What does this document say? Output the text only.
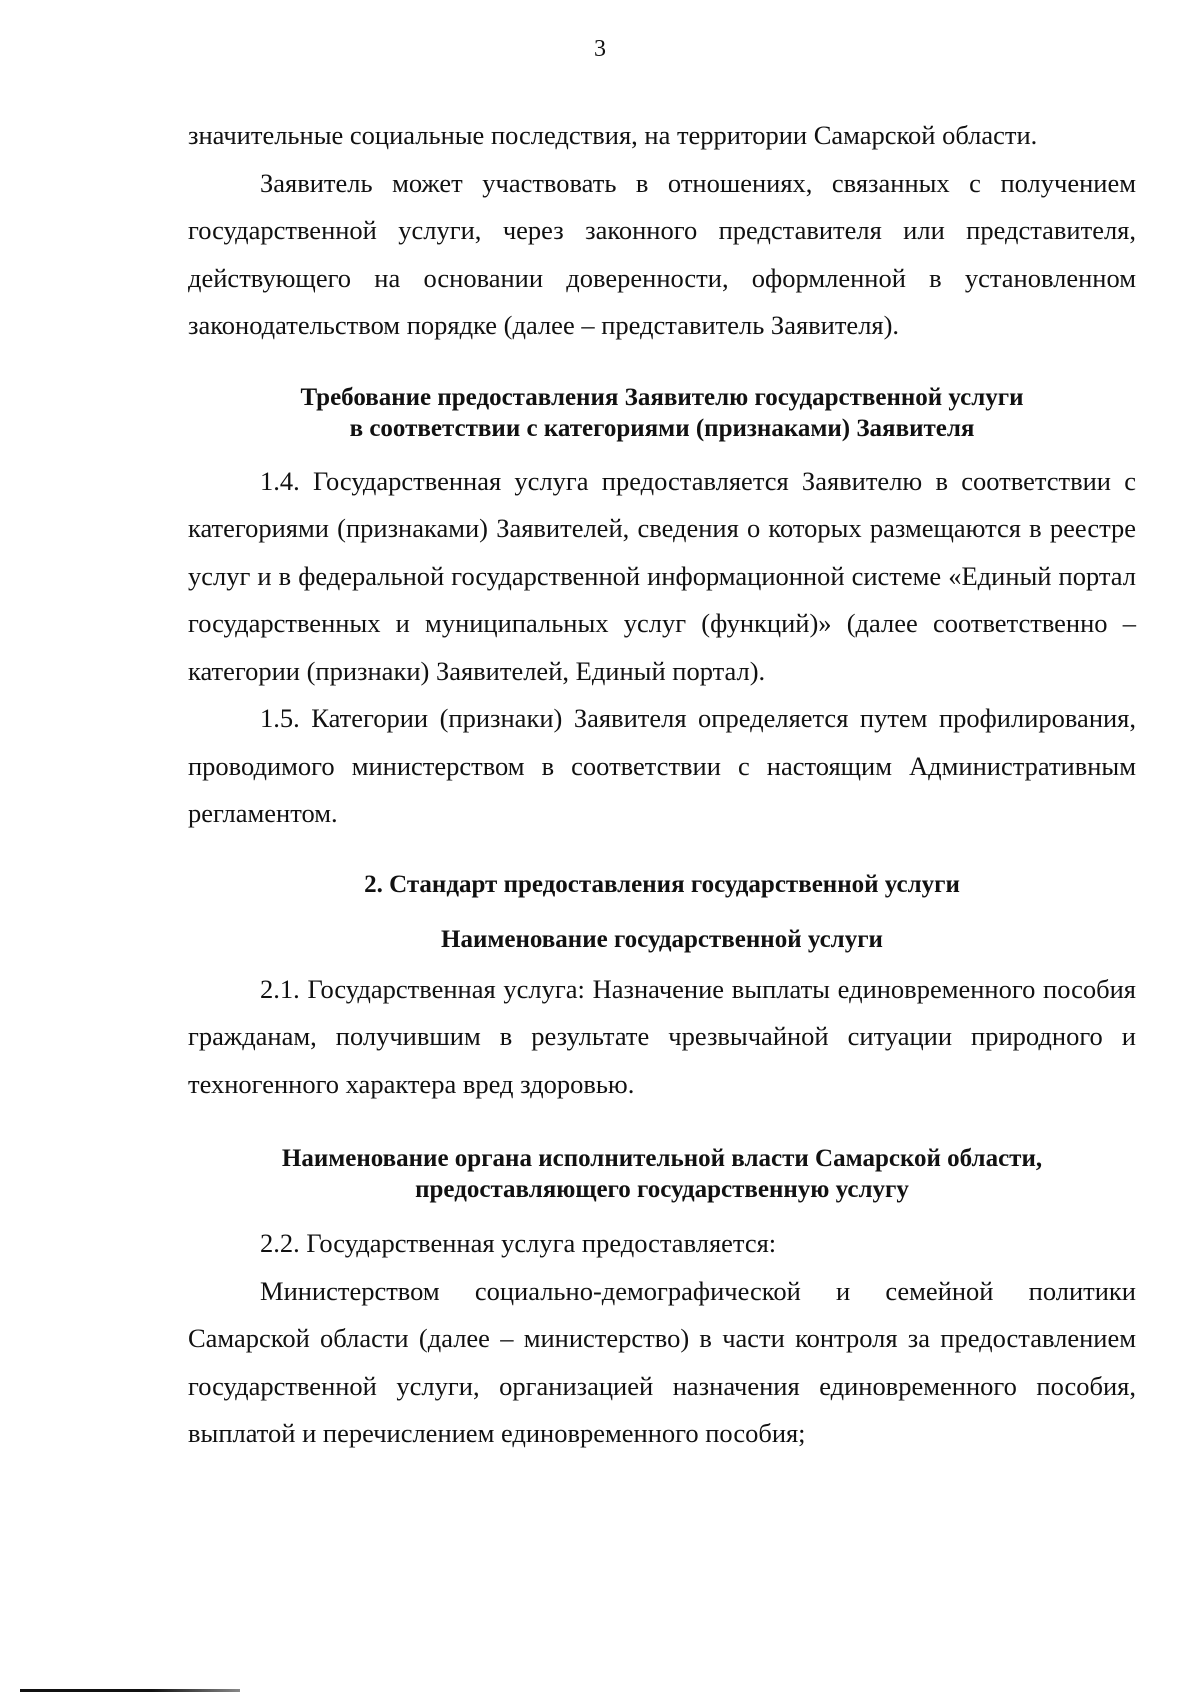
3

значительные социальные последствия, на территории Самарской области.

Заявитель может участвовать в отношениях, связанных с получением государственной услуги, через законного представителя или представителя, действующего на основании доверенности, оформленной в установленном законодательством порядке (далее – представитель Заявителя).

Требование предоставления Заявителю государственной услуги
в соответствии с категориями (признаками) Заявителя

1.4. Государственная услуга предоставляется Заявителю в соответствии с категориями (признаками) Заявителей, сведения о которых размещаются в реестре услуг и в федеральной государственной информационной системе «Единый портал государственных и муниципальных услуг (функций)» (далее соответственно – категории (признаки) Заявителей, Единый портал).

1.5. Категории (признаки) Заявителя определяется путем профилирования, проводимого министерством в соответствии с настоящим Административным регламентом.

2. Стандарт предоставления государственной услуги
Наименование государственной услуги

2.1. Государственная услуга: Назначение выплаты единовременного пособия гражданам, получившим в результате чрезвычайной ситуации природного и техногенного характера вред здоровью.

Наименование органа исполнительной власти Самарской области,
предоставляющего государственную услугу

2.2. Государственная услуга предоставляется:

Министерством социально-демографической и семейной политики Самарской области (далее – министерство) в части контроля за предоставлением государственной услуги, организацией назначения единовременного пособия, выплатой и перечислением единовременного пособия;
